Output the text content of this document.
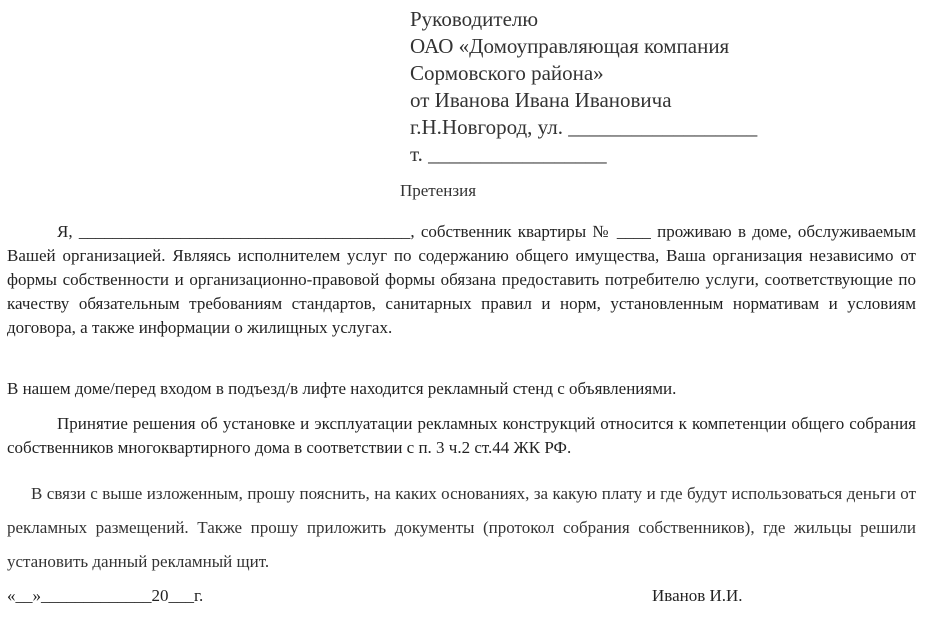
Руководителю
ОАО «Домоуправляющая компания
Сормовского района»
от Иванова Ивана Ивановича
г.Н.Новгород, ул. __________________
т. _________________
Претензия
Я, _______________________________________, собственник квартиры № ____ проживаю в доме, обслуживаемым Вашей организацией. Являясь исполнителем услуг по содержанию общего имущества, Ваша организация независимо от формы собственности и организационно-правовой формы обязана предоставить потребителю услуги, соответствующие по качеству обязательным требованиям стандартов, санитарных правил и норм, установленным нормативам и условиям договора, а также информации о жилищных услугах.
В нашем доме/перед входом в подъезд/в лифте находится рекламный стенд с объявлениями.
Принятие решения об установке и эксплуатации рекламных конструкций относится к компетенции общего собрания собственников многоквартирного дома в соответствии с п. 3 ч.2 ст.44 ЖК РФ.
В связи с выше изложенным, прошу пояснить, на каких основаниях, за какую плату и где будут использоваться деньги от рекламных размещений. Также прошу приложить документы (протокол собрания собственников), где жильцы решили установить данный рекламный щит.
«__»_____________20___г.	Иванов И.И.
